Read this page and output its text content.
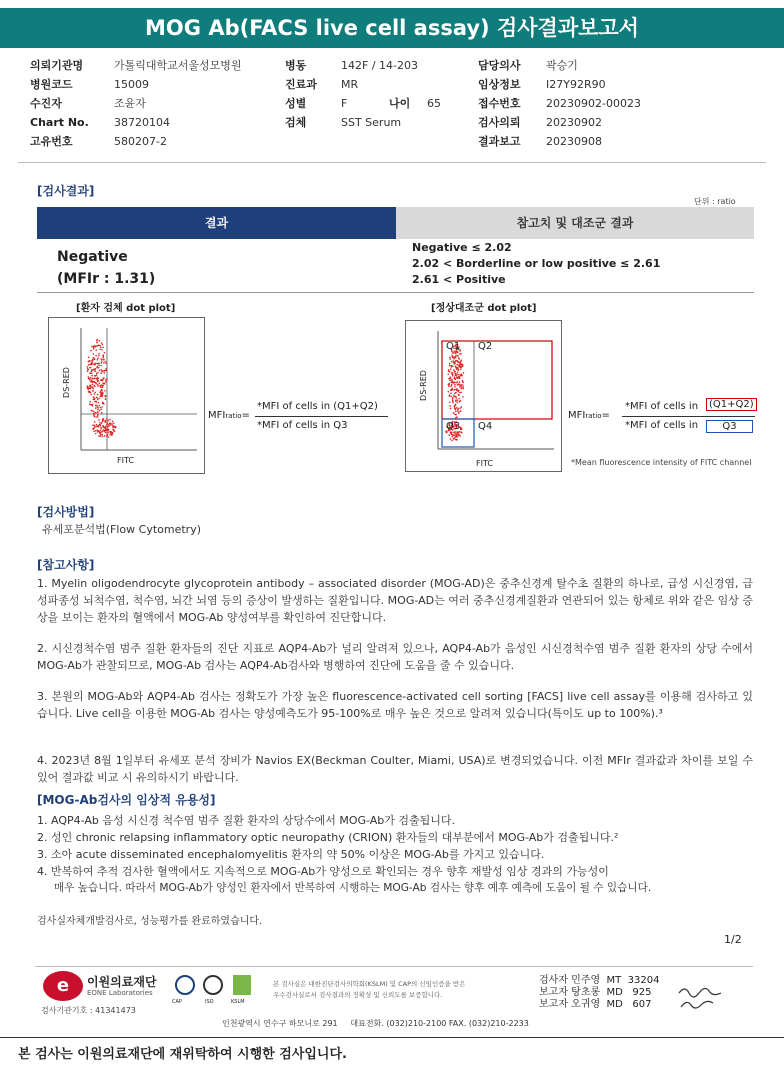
MOG Ab(FACS live cell assay) 검사결과보고서
의뢰기관명	가톨릭대학교서울성모병원
병원코드	15009
수진자	조윤자
Chart No. 38720104
고유번호	580207-2
병동	142F / 14-203
진료과 MR
성별	F	나이 65
검체	SST Serum
담당의사 곽승기
임상정보 I27Y92R90
접수번호 20230902-00023
검사의뢰 20230902
결과보고 20230908
[검사결과]
단위 : ratio
결과	참고치 및 대조군 결과
Negative
(MFIr : 1.31)
Negative ≤ 2.02
2.02 < Borderline or low positive ≤ 2.61
2.61 < Positive
[환자 검체 dot plot]
DS-RED
FITC
MFIratio=
*MFI of cells in (Q1+Q2)
*MFI of cells in Q3
[정상대조군 dot plot]
Q1 Q2
Q3 Q4
DS-RED
FITC
MFIratio=
*MFI of cells in	(Q1+Q2)
*MFI of cells in	Q3
*Mean fluorescence intensity of FITC channel
[검사방법]
유세포분석법(Flow Cytometry)
[참고사항]
1. Myelin oligodendrocyte glycoprotein antibody – associated disorder (MOG-AD)은 중추신경계 탈수초 질환의 하나로, 급성 시신경염, 급성파종성 뇌척수염, 척수염, 뇌간 뇌염 등의 증상이 발생하는 질환입니다. MOG-AD는 여러 중추신경계질환과 연관되어 있는 항체로 위와 같은 임상 증상을 보이는 환자의 혈액에서 MOG-Ab 양성여부를 확인하여 진단합니다.
2. 시신경척수염 범주 질환 환자들의 진단 지표로 AQP4-Ab가 널리 알려져 있으나, AQP4-Ab가 음성인 시신경척수염 범주 질환 환자의 상당 수에서 MOG-Ab가 관찰되므로, MOG-Ab 검사는 AQP4-Ab검사와 병행하여 진단에 도움을 줄 수 있습니다.
3. 본원의 MOG-Ab와 AQP4-Ab 검사는 정확도가 가장 높은 fluorescence-activated cell sorting [FACS] live cell assay를 이용해 검사하고 있습니다. Live cell을 이용한 MOG-Ab 검사는 양성예측도가 95-100%로 매우 높은 것으로 알려져 있습니다(특이도 up to 100%).³
4. 2023년 8월 1일부터 유세포 분석 장비가 Navios EX(Beckman Coulter, Miami, USA)로 변경되었습니다. 이전 MFIr 결과값과 차이를 보일 수 있어 결과값 비교 시 유의하시기 바랍니다.
[MOG-Ab검사의 임상적 유용성]
1. AQP4-Ab 음성 시신경 척수염 범주 질환 환자의 상당수에서 MOG-Ab가 검출됩니다.
2. 성인 chronic relapsing inflammatory optic neuropathy (CRION) 환자들의 대부분에서 MOG-Ab가 검출됩니다.²
3. 소아 acute disseminated encephalomyelitis 환자의 약 50% 이상은 MOG-Ab를 가지고 있습니다.
4. 반복하여 추적 검사한 혈액에서도 지속적으로 MOG-Ab가 양성으로 확인되는 경우 향후 재발성 임상 경과의 가능성이
매우 높습니다. 따라서 MOG-Ab가 양성인 환자에서 반복하여 시행하는 MOG-Ab 검사는 향후 예후 예측에 도움이 될 수 있습니다.
검사실자체개발검사로, 성능평가를 완료하였습니다.
1/2
e	이원의료재단
EONE Laboratories
검사기관기호 : 41341473
CAP	ISO	KSLM
본 검사실은 대한진단검사의학회(KSLM) 및 CAP의 신임인증을 받은
우수검사실로서 검사결과의 정확성 및 신뢰도를 보증합니다.
검사자 민주영 MT 33204
보고자 탕초롱 MD 925
보고자 오귀영 MD 607
인천광역시 연수구 하모니로 291 대표전화. (032)210-2100 FAX. (032)210-2233
본 검사는 이원의료재단에 재위탁하여 시행한 검사입니다.
